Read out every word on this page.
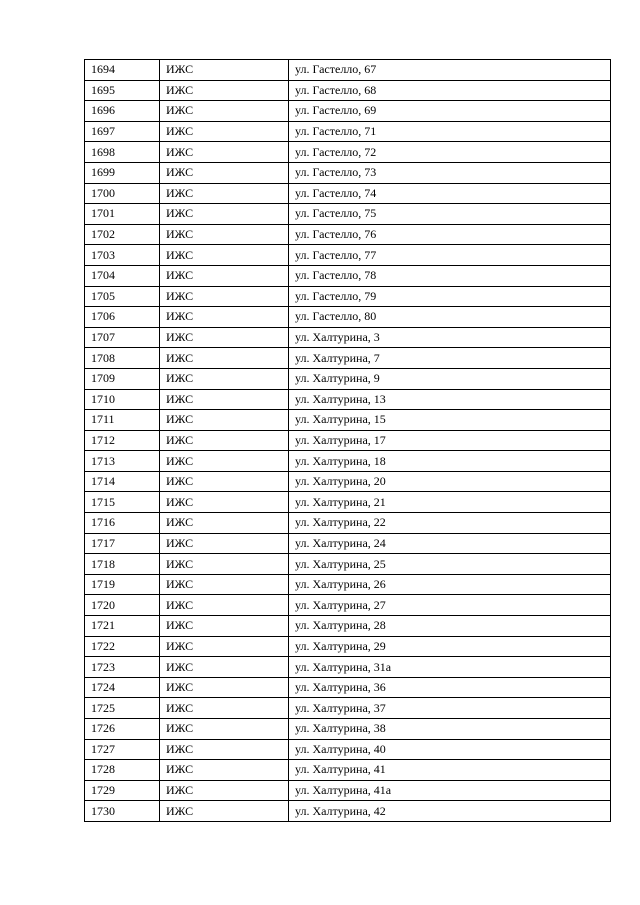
1694	ИЖС	ул. Гастелло, 67
1695	ИЖС	ул. Гастелло, 68
1696	ИЖС	ул. Гастелло, 69
1697	ИЖС	ул. Гастелло, 71
1698	ИЖС	ул. Гастелло, 72
1699	ИЖС	ул. Гастелло, 73
1700	ИЖС	ул. Гастелло, 74
1701	ИЖС	ул. Гастелло, 75
1702	ИЖС	ул. Гастелло, 76
1703	ИЖС	ул. Гастелло, 77
1704	ИЖС	ул. Гастелло, 78
1705	ИЖС	ул. Гастелло, 79
1706	ИЖС	ул. Гастелло, 80
1707	ИЖС	ул. Халтурина, 3
1708	ИЖС	ул. Халтурина, 7
1709	ИЖС	ул. Халтурина, 9
1710	ИЖС	ул. Халтурина, 13
1711	ИЖС	ул. Халтурина, 15
1712	ИЖС	ул. Халтурина, 17
1713	ИЖС	ул. Халтурина, 18
1714	ИЖС	ул. Халтурина, 20
1715	ИЖС	ул. Халтурина, 21
1716	ИЖС	ул. Халтурина, 22
1717	ИЖС	ул. Халтурина, 24
1718	ИЖС	ул. Халтурина, 25
1719	ИЖС	ул. Халтурина, 26
1720	ИЖС	ул. Халтурина, 27
1721	ИЖС	ул. Халтурина, 28
1722	ИЖС	ул. Халтурина, 29
1723	ИЖС	ул. Халтурина, 31а
1724	ИЖС	ул. Халтурина, 36
1725	ИЖС	ул. Халтурина, 37
1726	ИЖС	ул. Халтурина, 38
1727	ИЖС	ул. Халтурина, 40
1728	ИЖС	ул. Халтурина, 41
1729	ИЖС	ул. Халтурина, 41а
1730	ИЖС	ул. Халтурина, 42
